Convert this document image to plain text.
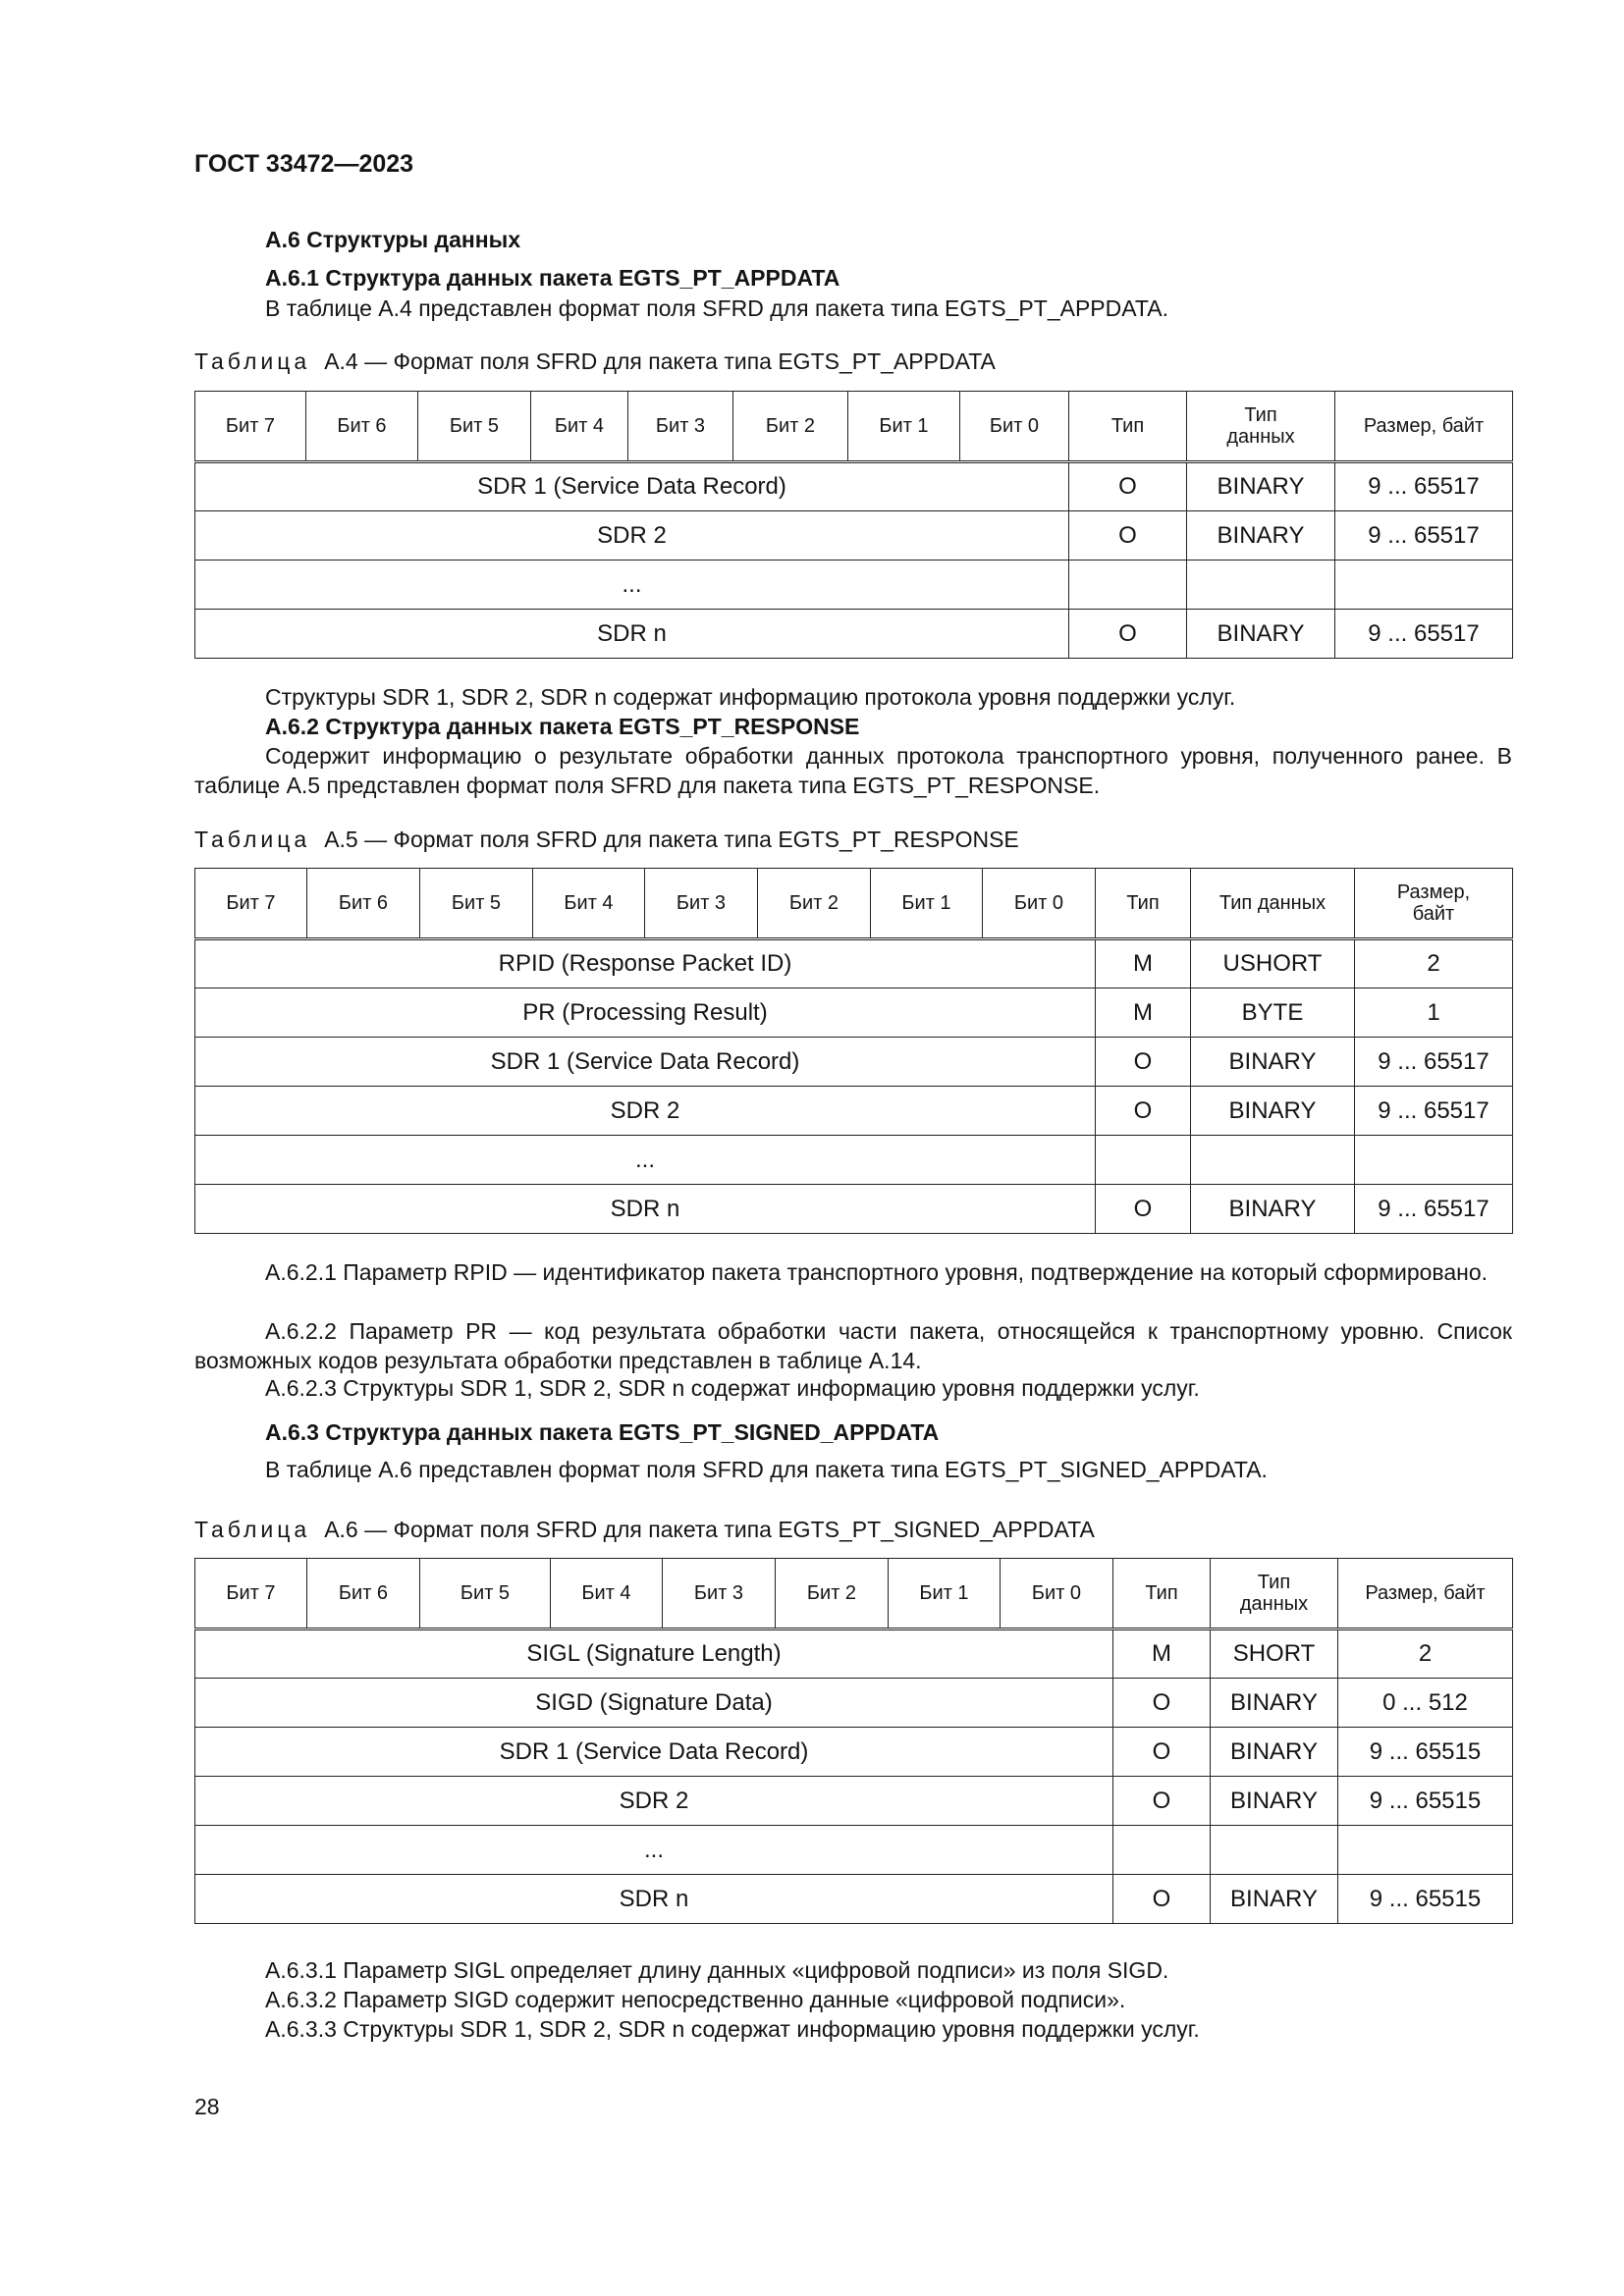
ГОСТ 33472—2023
А.6 Структуры данных
А.6.1 Структура данных пакета EGTS_PT_APPDATA
В таблице А.4 представлен формат поля SFRD для пакета типа EGTS_PT_APPDATA.
Таблица А.4 — Формат поля SFRD для пакета типа EGTS_PT_APPDATA
Бит 7	Бит 6	Бит 5	Бит 4	Бит 3	Бит 2	Бит 1	Бит 0	Тип	Тип данных	Размер, байт
SDR 1 (Service Data Record)								O	BINARY	9 ... 65517
SDR 2								O	BINARY	9 ... 65517
...										
SDR n								O	BINARY	9 ... 65517
Структуры SDR 1, SDR 2, SDR n содержат информацию протокола уровня поддержки услуг.
А.6.2 Структура данных пакета EGTS_PT_RESPONSE
Содержит информацию о результате обработки данных протокола транспортного уровня, полученного ранее. В таблице А.5 представлен формат поля SFRD для пакета типа EGTS_PT_RESPONSE.
Таблица А.5 — Формат поля SFRD для пакета типа EGTS_PT_RESPONSE
Бит 7	Бит 6	Бит 5	Бит 4	Бит 3	Бит 2	Бит 1	Бит 0	Тип	Тип данных	Размер, байт
RPID (Response Packet ID)								M	USHORT	2
PR (Processing Result)								M	BYTE	1
SDR 1 (Service Data Record)								O	BINARY	9 ... 65517
SDR 2								O	BINARY	9 ... 65517
...										
SDR n								O	BINARY	9 ... 65517
А.6.2.1 Параметр RPID — идентификатор пакета транспортного уровня, подтверждение на который сформировано.
А.6.2.2 Параметр PR — код результата обработки части пакета, относящейся к транспортному уровню. Список возможных кодов результата обработки представлен в таблице А.14.
А.6.2.3 Структуры SDR 1, SDR 2, SDR n содержат информацию уровня поддержки услуг.
А.6.3 Структура данных пакета EGTS_PT_SIGNED_APPDATA
В таблице А.6 представлен формат поля SFRD для пакета типа EGTS_PT_SIGNED_APPDATA.
Таблица А.6 — Формат поля SFRD для пакета типа EGTS_PT_SIGNED_APPDATA
Бит 7	Бит 6	Бит 5	Бит 4	Бит 3	Бит 2	Бит 1	Бит 0	Тип	Тип данных	Размер, байт
SIGL (Signature Length)								M	SHORT	2
SIGD (Signature Data)								O	BINARY	0 ... 512
SDR 1 (Service Data Record)								O	BINARY	9 ... 65515
SDR 2								O	BINARY	9 ... 65515
...										
SDR n								O	BINARY	9 ... 65515
А.6.3.1 Параметр SIGL определяет длину данных «цифровой подписи» из поля SIGD.
А.6.3.2 Параметр SIGD содержит непосредственно данные «цифровой подписи».
А.6.3.3 Структуры SDR 1, SDR 2, SDR n содержат информацию уровня поддержки услуг.
28
